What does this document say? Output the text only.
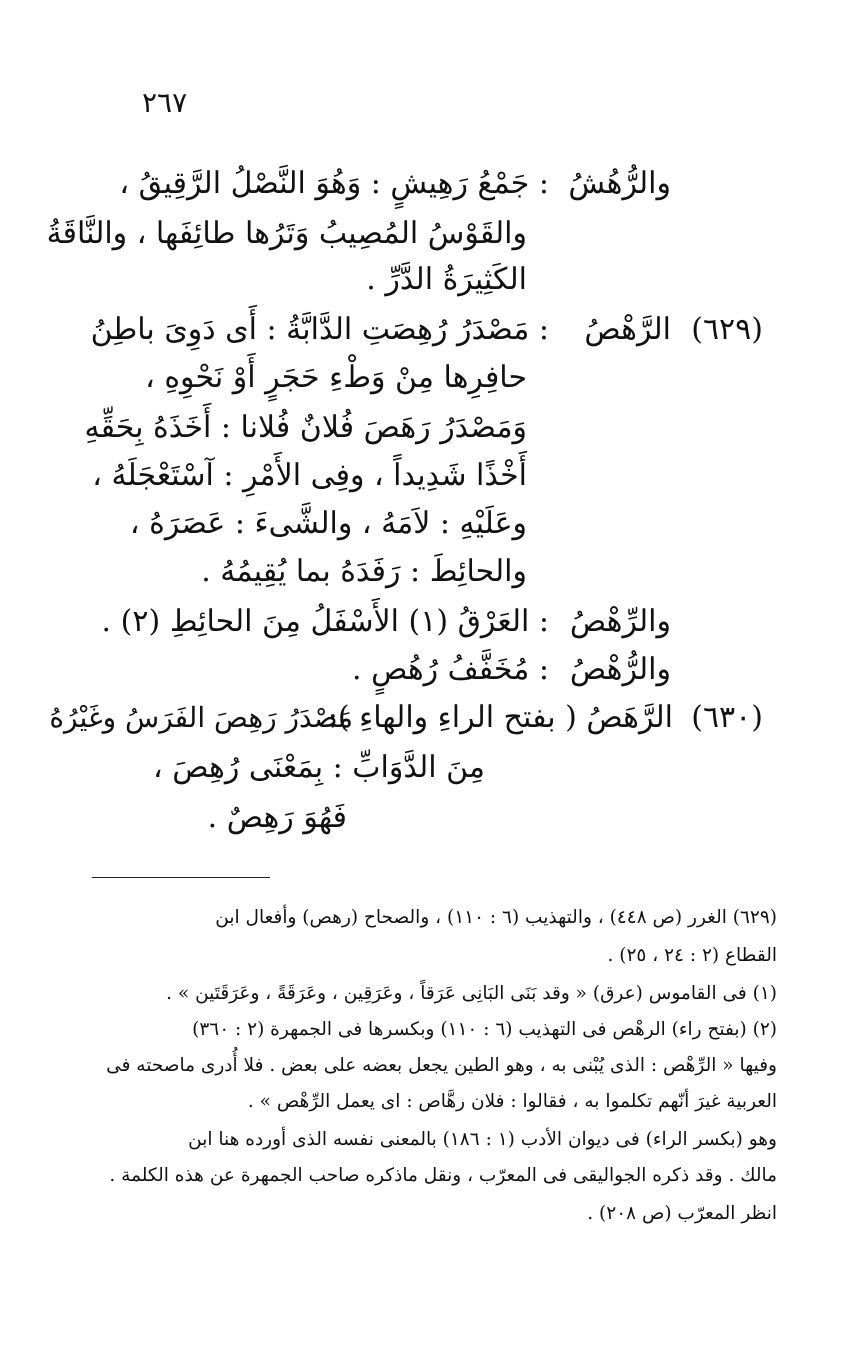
٢٦٧
والرُّهُشُ
: جَمْعُ رَهِيشٍ : وَهُوَ النَّصْلُ الرَّقِيقُ ،
والقَوْسُ المُصِيبُ وَتَرُها طائِفَها ، والنَّاقَةُ
الكَثِيرَةُ الدَّرِّ .
(٦٢٩)
الرَّهْصُ
: مَصْدَرُ رُهِصَتِ الدَّابَّةُ : أَى دَوِىَ باطِنُ
حافِرِها مِنْ وَطْءِ حَجَرٍ أَوْ نَحْوِهِ ،
وَمَصْدَرُ رَهَصَ فُلانٌ فُلانا : أَخَذَهُ بِحَقِّهِ
أَخْذًا شَدِيداً ، وفِى الأَمْرِ : آسْتَعْجَلَهُ ،
وعَلَيْهِ : لاَمَهُ ، والشَّىءَ : عَصَرَهُ ،
والحائِطَ : رَفَدَهُ بما يُقِيمُهُ .
والرِّهْصُ
: العَرْقُ (١) الأَسْفَلُ مِنَ الحائِطِ (٢) .
والرُّهْصُ
: مُخَفَّفُ رُهُصٍ .
(٦٣٠)
الرَّهَصُ ( بفتح الراءِ والهاءِ ):
مَصْدَرُ رَهِصَ الفَرَسُ وغَيْرُهُ
مِنَ الدَّوَابِّ : بِمَعْنَى رُهِصَ ،
فَهُوَ رَهِصٌ .
(٦٢٩) الغرر (ص ٤٤٨) ، والتهذيب (٦ : ١١٠) ، والصحاح (رهص) وأفعال ابن
القطاع (٢ : ٢٤ ، ٢٥) .
(١) فى القاموس (عرق) « وقد بَنَى البَانِى عَرَقاً ، وعَرَقِين ، وعَرَقَةً ، وعَرَقَتَين » .
(٢) (بفتح راء) الرهْص فى التهذيب (٦ : ١١٠) وبكسرها فى الجمهرة (٢ : ٣٦٠)
وفيها « الرِّهْص : الذى يُبْنى به ، وهو الطين يجعل بعضه على بعض . فلا أُدرى ماصحته فى
العربية غيرَ أنّهم تكلموا به ، فقالوا : فلان رهَّاص : اى يعمل الرِّهْص » .
وهو (بكسر الراء) فى ديوان الأدب (١ : ١٨٦) بالمعنى نفسه الذى أورده هنا ابن
مالك . وقد ذكره الجواليقى فى المعرّب ، ونقل ماذكره صاحب الجمهرة عن هذه الكلمة .
انظر المعرّب (ص ٢٠٨) .
